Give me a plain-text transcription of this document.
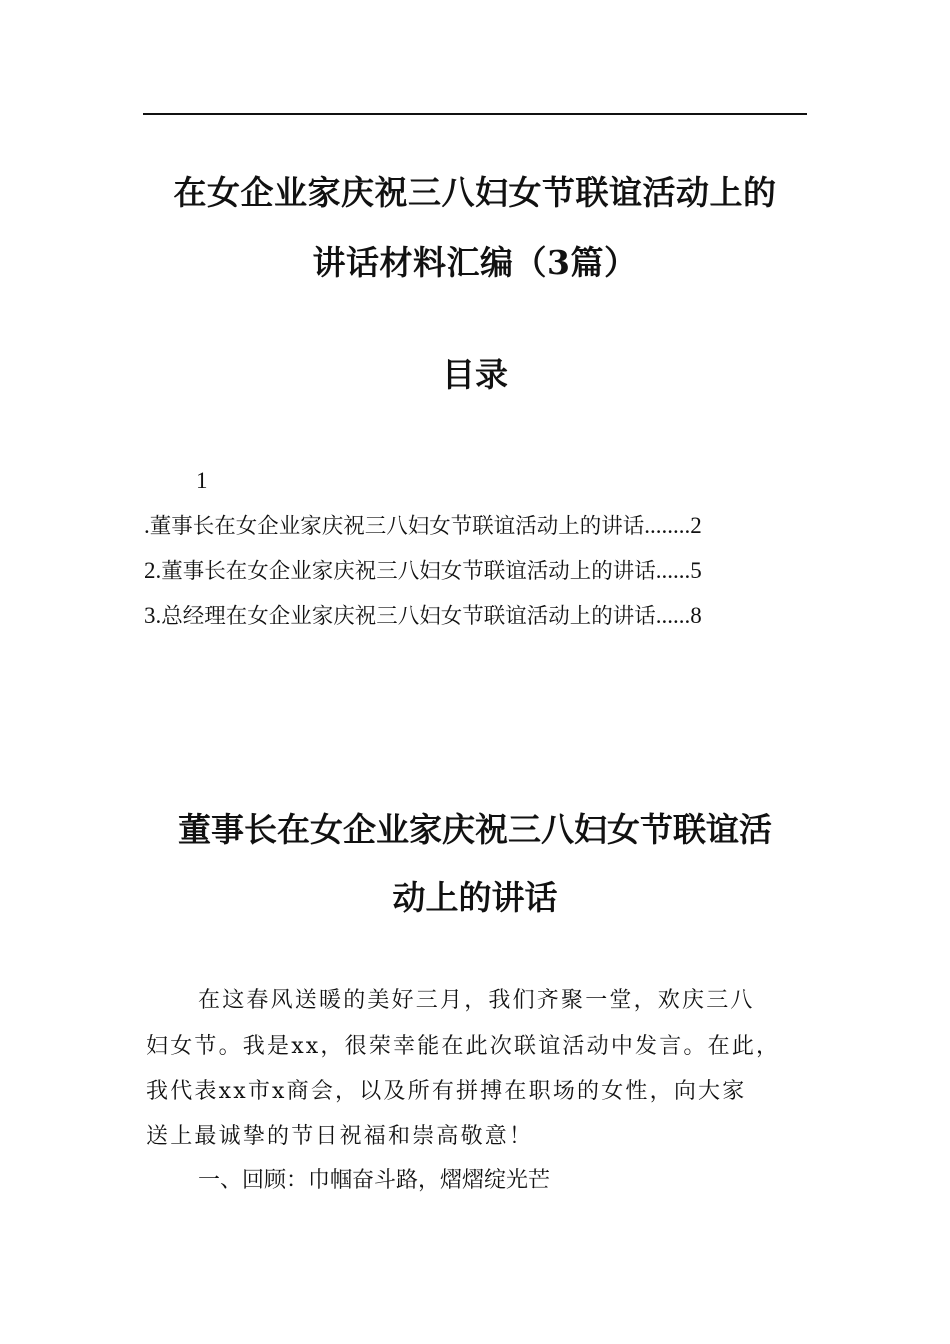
在女企业家庆祝三八妇女节联谊活动上的
讲话材料汇编（3篇）
目录
1
.董事长在女企业家庆祝三八妇女节联谊活动上的讲话........2
2.董事长在女企业家庆祝三八妇女节联谊活动上的讲话......5
3.总经理在女企业家庆祝三八妇女节联谊活动上的讲话......8
董事长在女企业家庆祝三八妇女节联谊活
动上的讲话
在这春风送暖的美好三月，我们齐聚一堂，欢庆三八
妇女节。我是xx，很荣幸能在此次联谊活动中发言。在此，
我代表xx市x商会，以及所有拼搏在职场的女性，向大家
送上最诚挚的节日祝福和崇高敬意！
一、回顾：巾帼奋斗路，熠熠绽光芒
